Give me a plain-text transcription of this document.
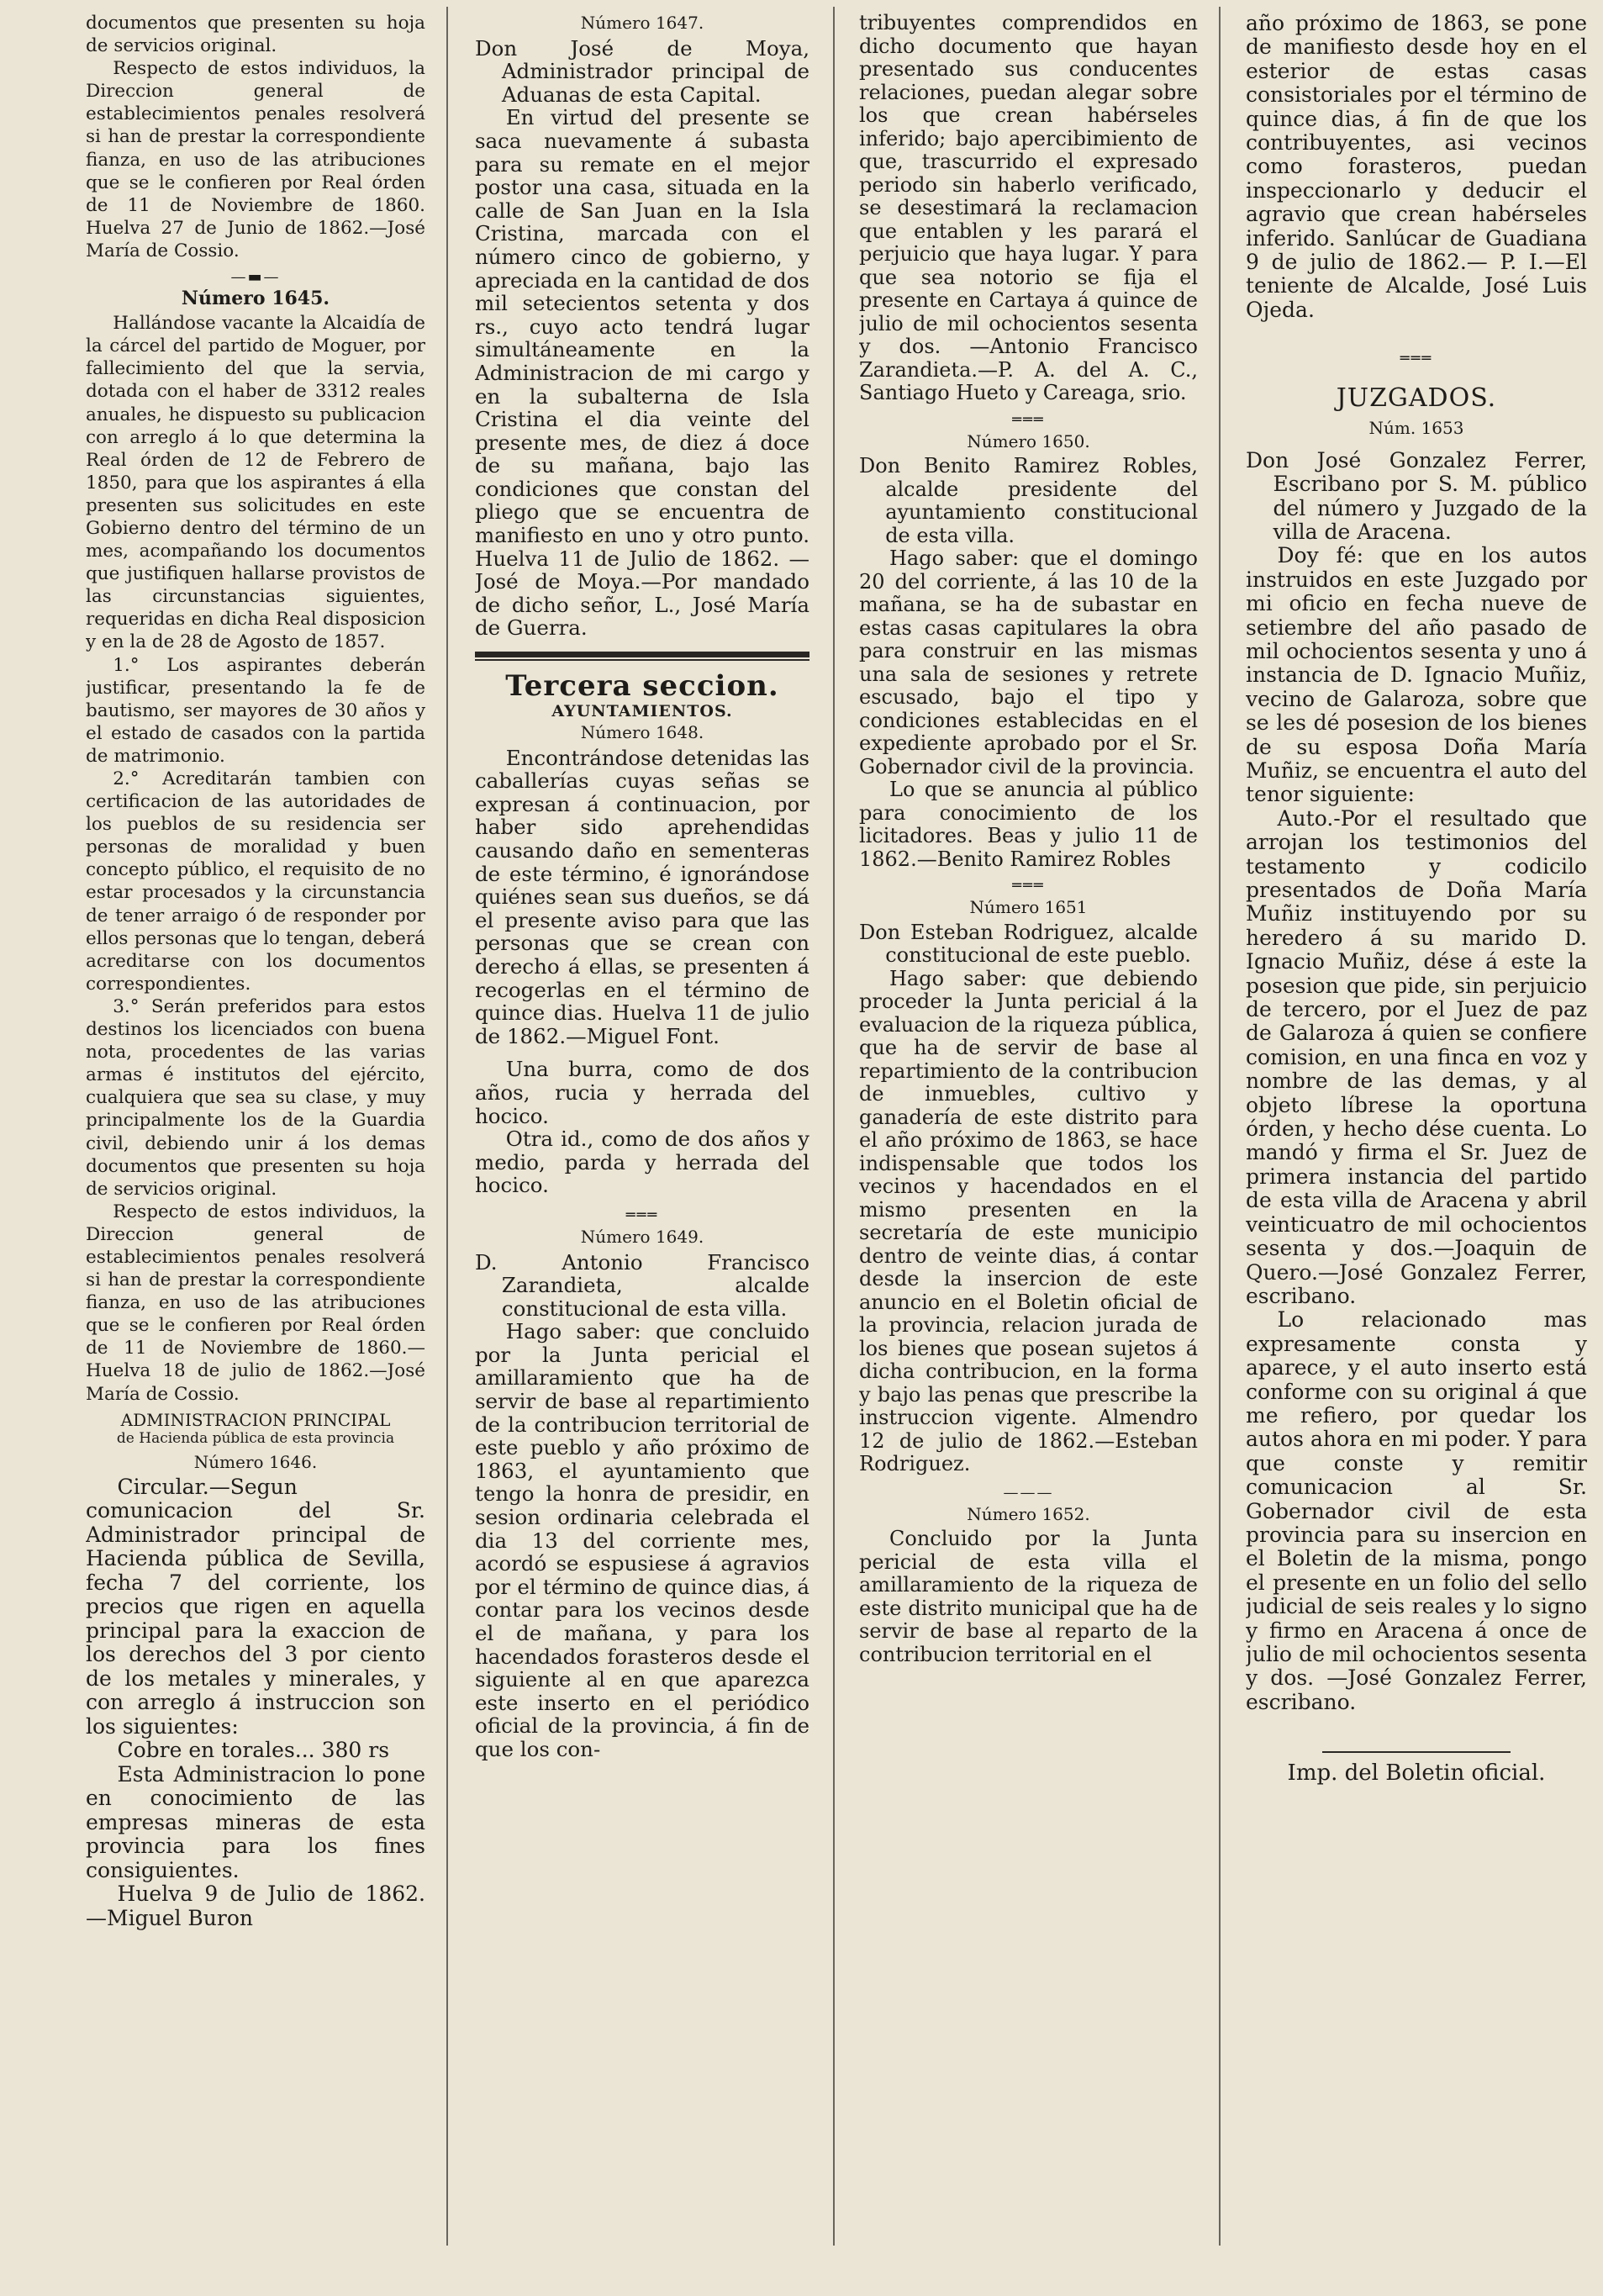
documentos que presenten su hoja de servicios original.

Respecto de estos individuos, la Direccion general de establecimientos penales resolverá si han de prestar la correspondiente fianza, en uso de las atribuciones que se le confieren por Real órden de 11 de Noviembre de 1860. Huelva 27 de Junio de 1862.—José María de Cossio.

—▬—

Número 1645.

Hallándose vacante la Alcaidía de la cárcel del partido de Moguer, por fallecimiento del que la servia, dotada con el haber de 3312 reales anuales, he dispuesto su publicacion con arreglo á lo que determina la Real órden de 12 de Febrero de 1850, para que los aspirantes á ella presenten sus solicitudes en este Gobierno dentro del término de un mes, acompañando los documentos que justifiquen hallarse provistos de las circunstancias siguientes, requeridas en dicha Real disposicion y en la de 28 de Agosto de 1857.

1.° Los aspirantes deberán justificar, presentando la fe de bautismo, ser mayores de 30 años y el estado de casados con la partida de matrimonio.

2.° Acreditarán tambien con certificacion de las autoridades de los pueblos de su residencia ser personas de moralidad y buen concepto público, el requisito de no estar procesados y la circunstancia de tener arraigo ó de responder por ellos personas que lo tengan, deberá acreditarse con los documentos correspondientes.

3.° Serán preferidos para estos destinos los licenciados con buena nota, procedentes de las varias armas é institutos del ejército, cualquiera que sea su clase, y muy principalmente los de la Guardia civil, debiendo unir á los demas documentos que presenten su hoja de servicios original.

Respecto de estos individuos, la Direccion general de establecimientos penales resolverá si han de prestar la correspondiente fianza, en uso de las atribuciones que se le confieren por Real órden de 11 de Noviembre de 1860.—Huelva 18 de julio de 1862.—José María de Cossio.

ADMINISTRACION PRINCIPAL

de Hacienda pública de esta provincia

Número 1646.

Circular.—Segun comunicacion del Sr. Administrador principal de Hacienda pública de Sevilla, fecha 7 del corriente, los precios que rigen en aquella principal para la exaccion de los derechos del 3 por ciento de los metales y minerales, y con arreglo á instruccion son los siguientes:

Cobre en torales... 380 rs

Esta Administracion lo pone en conocimiento de las empresas mineras de esta provincia para los fines consiguientes.

Huelva 9 de Julio de 1862. —Miguel Buron

Número 1647.

Don José de Moya, Administrador principal de Aduanas de esta Capital.

En virtud del presente se saca nuevamente á subasta para su remate en el mejor postor una casa, situada en la calle de San Juan en la Isla Cristina, marcada con el número cinco de gobierno, y apreciada en la cantidad de dos mil setecientos setenta y dos rs., cuyo acto tendrá lugar simultáneamente en la Administracion de mi cargo y en la subalterna de Isla Cristina el dia veinte del presente mes, de diez á doce de su mañana, bajo las condiciones que constan del pliego que se encuentra de manifiesto en uno y otro punto. Huelva 11 de Julio de 1862. —José de Moya.—Por mandado de dicho señor, L., José María de Guerra.

Tercera seccion.

AYUNTAMIENTOS.

Número 1648.

Encontrándose detenidas las caballerías cuyas señas se expresan á continuacion, por haber sido aprehendidas causando daño en sementeras de este término, é ignorándose quiénes sean sus dueños, se dá el presente aviso para que las personas que se crean con derecho á ellas, se presenten á recogerlas en el término de quince dias. Huelva 11 de julio de 1862.—Miguel Font.

Una burra, como de dos años, rucia y herrada del hocico.

Otra id., como de dos años y medio, parda y herrada del hocico.

═══

Número 1649.

D. Antonio Francisco Zarandieta, alcalde constitucional de esta villa.

Hago saber: que concluido por la Junta pericial el amillaramiento que ha de servir de base al repartimiento de la contribucion territorial de este pueblo y año próximo de 1863, el ayuntamiento que tengo la honra de presidir, en sesion ordinaria celebrada el dia 13 del corriente mes, acordó se espusiese á agravios por el término de quince dias, á contar para los vecinos desde el de mañana, y para los hacendados forasteros desde el siguiente al en que aparezca este inserto en el periódico oficial de la provincia, á fin de que los con-

tribuyentes comprendidos en dicho documento que hayan presentado sus conducentes relaciones, puedan alegar sobre los que crean habérseles inferido; bajo apercibimiento de que, trascurrido el expresado periodo sin haberlo verificado, se desestimará la reclamacion que entablen y les parará el perjuicio que haya lugar. Y para que sea notorio se fija el presente en Cartaya á quince de julio de mil ochocientos sesenta y dos. —Antonio Francisco Zarandieta.—P. A. del A. C., Santiago Hueto y Careaga, srio.

═══

Número 1650.

Don Benito Ramirez Robles, alcalde presidente del ayuntamiento constitucional de esta villa.

Hago saber: que el domingo 20 del corriente, á las 10 de la mañana, se ha de subastar en estas casas capitulares la obra para construir en las mismas una sala de sesiones y retrete escusado, bajo el tipo y condiciones establecidas en el expediente aprobado por el Sr. Gobernador civil de la provincia.

Lo que se anuncia al público para conocimiento de los licitadores. Beas y julio 11 de 1862.—Benito Ramirez Robles

═══

Número 1651

Don Esteban Rodriguez, alcalde constitucional de este pueblo.

Hago saber: que debiendo proceder la Junta pericial á la evaluacion de la riqueza pública, que ha de servir de base al repartimiento de la contribucion de inmuebles, cultivo y ganadería de este distrito para el año próximo de 1863, se hace indispensable que todos los vecinos y hacendados en el mismo presenten en la secretaría de este municipio dentro de veinte dias, á contar desde la insercion de este anuncio en el Boletin oficial de la provincia, relacion jurada de los bienes que posean sujetos á dicha contribucion, en la forma y bajo las penas que prescribe la instruccion vigente. Almendro 12 de julio de 1862.—Esteban Rodriguez.

———

Número 1652.

Concluido por la Junta pericial de esta villa el amillaramiento de la riqueza de este distrito municipal que ha de servir de base al reparto de la contribucion territorial en el

año próximo de 1863, se pone de manifiesto desde hoy en el esterior de estas casas consistoriales por el término de quince dias, á fin de que los contribuyentes, asi vecinos como forasteros, puedan inspeccionarlo y deducir el agravio que crean habérseles inferido. Sanlúcar de Guadiana 9 de julio de 1862.— P. I.—El teniente de Alcalde, José Luis Ojeda.

═══

JUZGADOS.

Núm. 1653

Don José Gonzalez Ferrer, Escribano por S. M. público del número y Juzgado de la villa de Aracena.

Doy fé: que en los autos instruidos en este Juzgado por mi oficio en fecha nueve de setiembre del año pasado de mil ochocientos sesenta y uno á instancia de D. Ignacio Muñiz, vecino de Galaroza, sobre que se les dé posesion de los bienes de su esposa Doña María Muñiz, se encuentra el auto del tenor siguiente:

Auto.-Por el resultado que arrojan los testimonios del testamento y codicilo presentados de Doña María Muñiz instituyendo por su heredero á su marido D. Ignacio Muñiz, dése á este la posesion que pide, sin perjuicio de tercero, por el Juez de paz de Galaroza á quien se confiere comision, en una finca en voz y nombre de las demas, y al objeto líbrese la oportuna órden, y hecho dése cuenta. Lo mandó y firma el Sr. Juez de primera instancia del partido de esta villa de Aracena y abril veinticuatro de mil ochocientos sesenta y dos.—Joaquin de Quero.—José Gonzalez Ferrer, escribano.

Lo relacionado mas expresamente consta y aparece, y el auto inserto está conforme con su original á que me refiero, por quedar los autos ahora en mi poder. Y para que conste y remitir comunicacion al Sr. Gobernador civil de esta provincia para su insercion en el Boletin de la misma, pongo el presente en un folio del sello judicial de seis reales y lo signo y firmo en Aracena á once de julio de mil ochocientos sesenta y dos. —José Gonzalez Ferrer, escribano.

Imp. del Boletin oficial.
